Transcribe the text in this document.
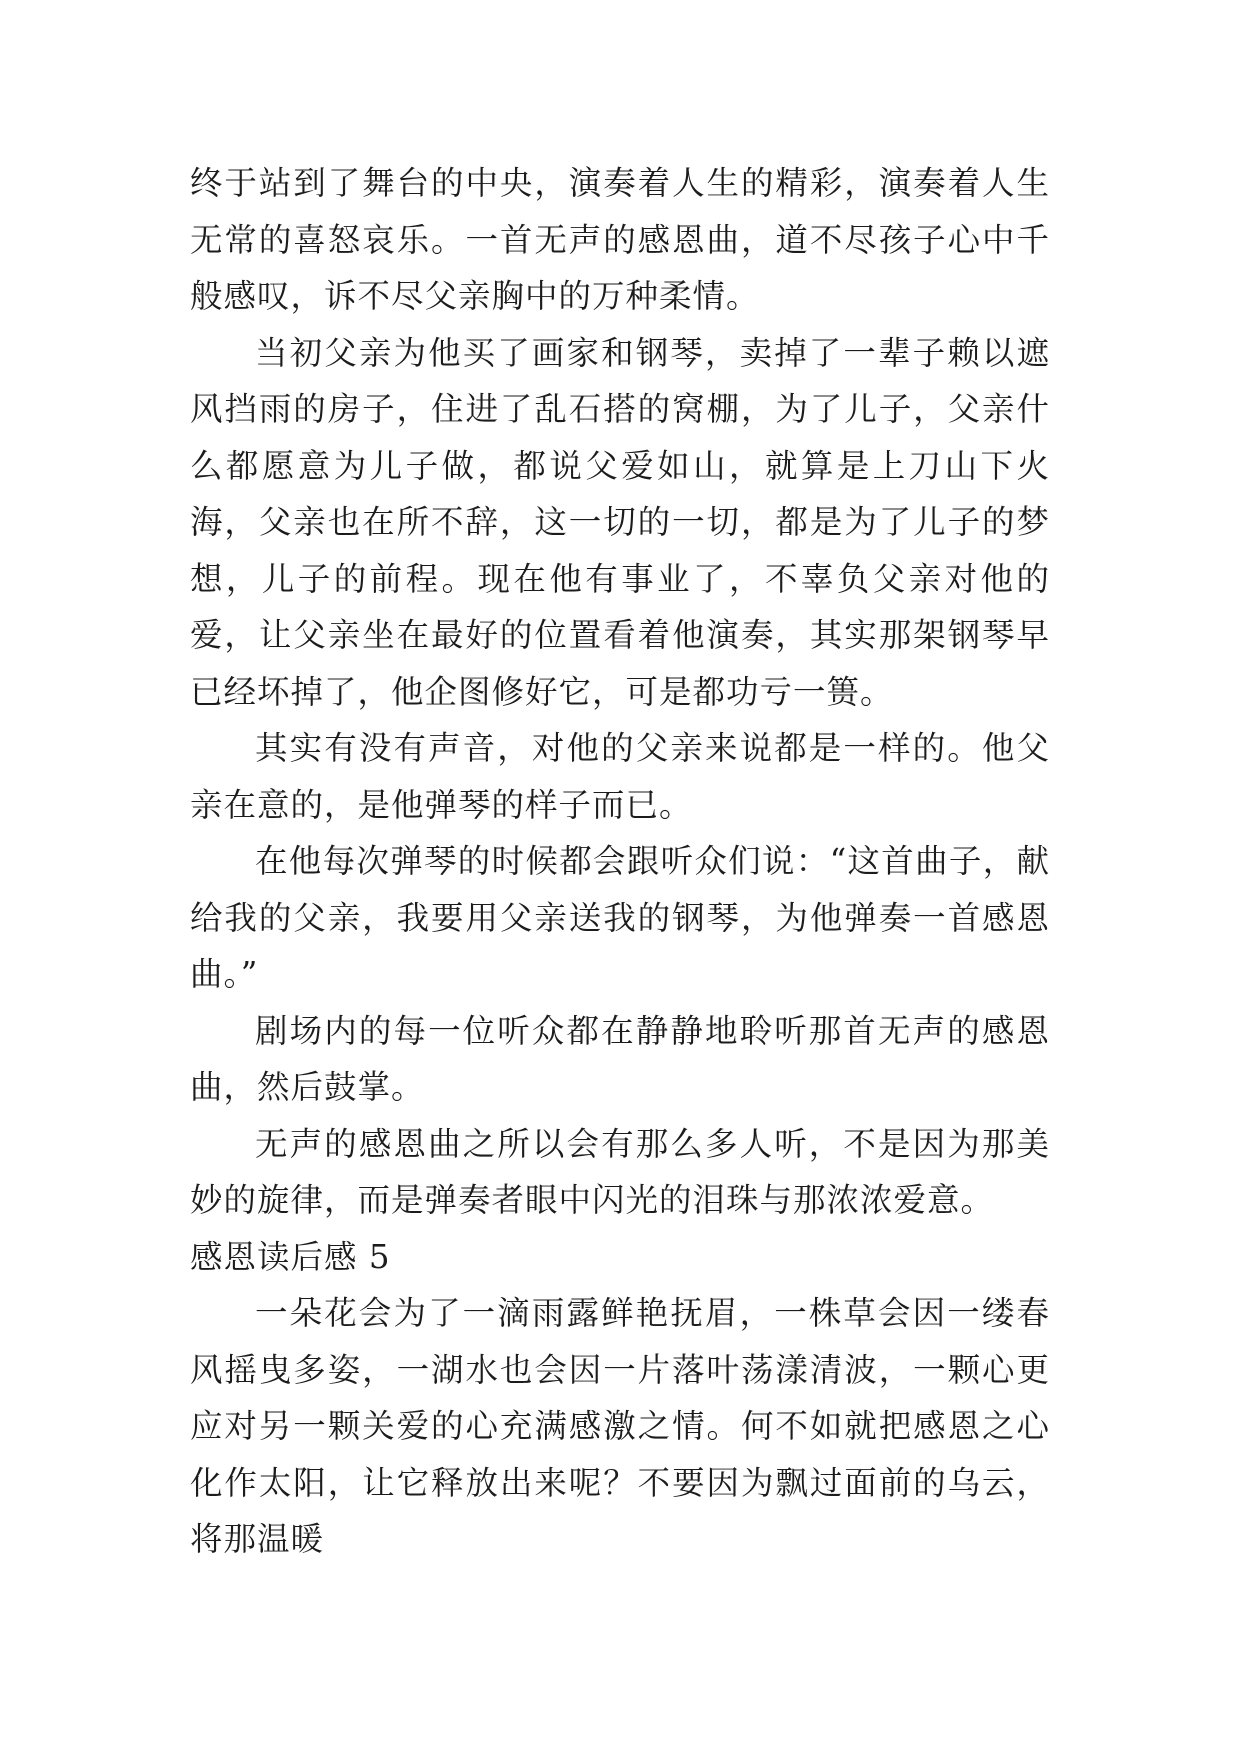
终于站到了舞台的中央，演奏着人生的精彩，演奏着人生无常的喜怒哀乐。一首无声的感恩曲，道不尽孩子心中千般感叹，诉不尽父亲胸中的万种柔情。

当初父亲为他买了画家和钢琴，卖掉了一辈子赖以遮风挡雨的房子，住进了乱石搭的窝棚，为了儿子，父亲什么都愿意为儿子做，都说父爱如山，就算是上刀山下火海，父亲也在所不辞，这一切的一切，都是为了儿子的梦想，儿子的前程。现在他有事业了，不辜负父亲对他的爱，让父亲坐在最好的位置看着他演奏，其实那架钢琴早已经坏掉了，他企图修好它，可是都功亏一篑。

其实有没有声音，对他的父亲来说都是一样的。他父亲在意的，是他弹琴的样子而已。

在他每次弹琴的时候都会跟听众们说：“这首曲子，献给我的父亲，我要用父亲送我的钢琴，为他弹奏一首感恩曲。”

剧场内的每一位听众都在静静地聆听那首无声的感恩曲，然后鼓掌。

无声的感恩曲之所以会有那么多人听，不是因为那美妙的旋律，而是弹奏者眼中闪光的泪珠与那浓浓爱意。

感恩读后感 5

一朵花会为了一滴雨露鲜艳抚眉，一株草会因一缕春风摇曳多姿，一湖水也会因一片落叶荡漾清波，一颗心更应对另一颗关爱的心充满感激之情。何不如就把感恩之心化作太阳，让它释放出来呢？不要因为飘过面前的乌云，将那温暖
